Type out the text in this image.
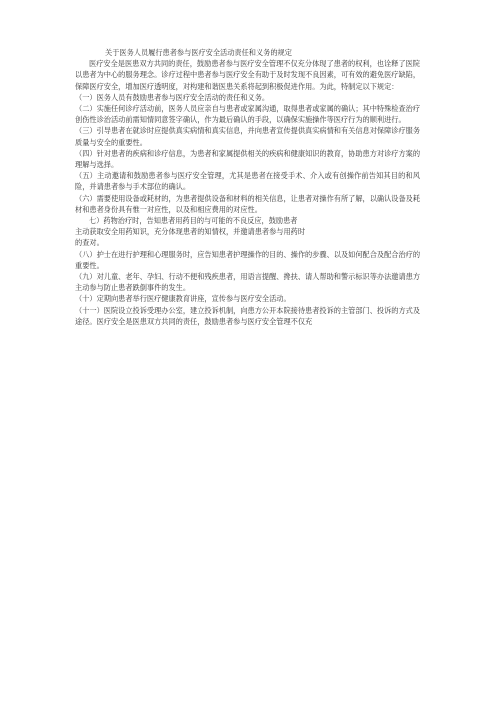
关于医务人员履行患者参与医疗安全活动责任和义务的规定

医疗安全是医患双方共同的责任，鼓励患者参与医疗安全管理不仅充分体现了患者的权利，也诠释了医院以患者为中心的服务理念。诊疗过程中患者参与医疗安全有助于及时发现不良因素，可有效的避免医疗缺陷，保障医疗安全，增加医疗透明度，对构建和谐医患关系将起到积极促进作用。为此，特制定以下规定：

（一）医务人员有鼓励患者参与医疗安全活动的责任和义务。

（二）实施任何诊疗活动前，医务人员应亲自与患者或家属沟通，取得患者或家属的确认；其中特殊检查治疗创伤性诊治活动前需知情同意签字确认，作为最后确认的手段，以确保实施操作等医疗行为的顺利进行。

（三）引导患者在就诊时应提供真实病情和真实信息，并向患者宣传提供真实病情和有关信息对保障诊疗服务质量与安全的重要性。

（四）针对患者的疾病和诊疗信息，为患者和家属提供相关的疾病和健康知识的教育，协助患方对诊疗方案的理解与选择。

（五）主动邀请和鼓励患者参与医疗安全管理，尤其是患者在接受手术、介入或有创操作前告知其目的和风险，并请患者参与手术部位的确认。

（六）需要使用设备或耗材的，为患者提供设备和材料的相关信息，让患者对操作有所了解，以确认设备及耗材和患者身份具有惟一对应性，以及和相应费用的对应性。

七）药物治疗时，告知患者用药目的与可能的不良反应，鼓励患者

主动获取安全用药知识，充分体现患者的知情权，并邀请患者参与用药时

的查对。

（八）护士在进行护理和心理服务时，应告知患者护理操作的目的、操作的步骤、以及如何配合及配合治疗的重要性。

（九）对儿童、老年、孕妇、行动不便和残疾患者，用语言提醒、搀扶、请人帮助和警示标识等办法邀请患方主动参与防止患者跌倒事件的发生。

（十）定期向患者举行医疗健康教育讲座，宣传参与医疗安全活动。

（十一）医院设立投诉受理办公室，建立投诉机制，向患方公开本院接待患者投诉的主管部门、投诉的方式及途径。医疗安全是医患双方共同的责任，鼓励患者参与医疗安全管理不仅充
